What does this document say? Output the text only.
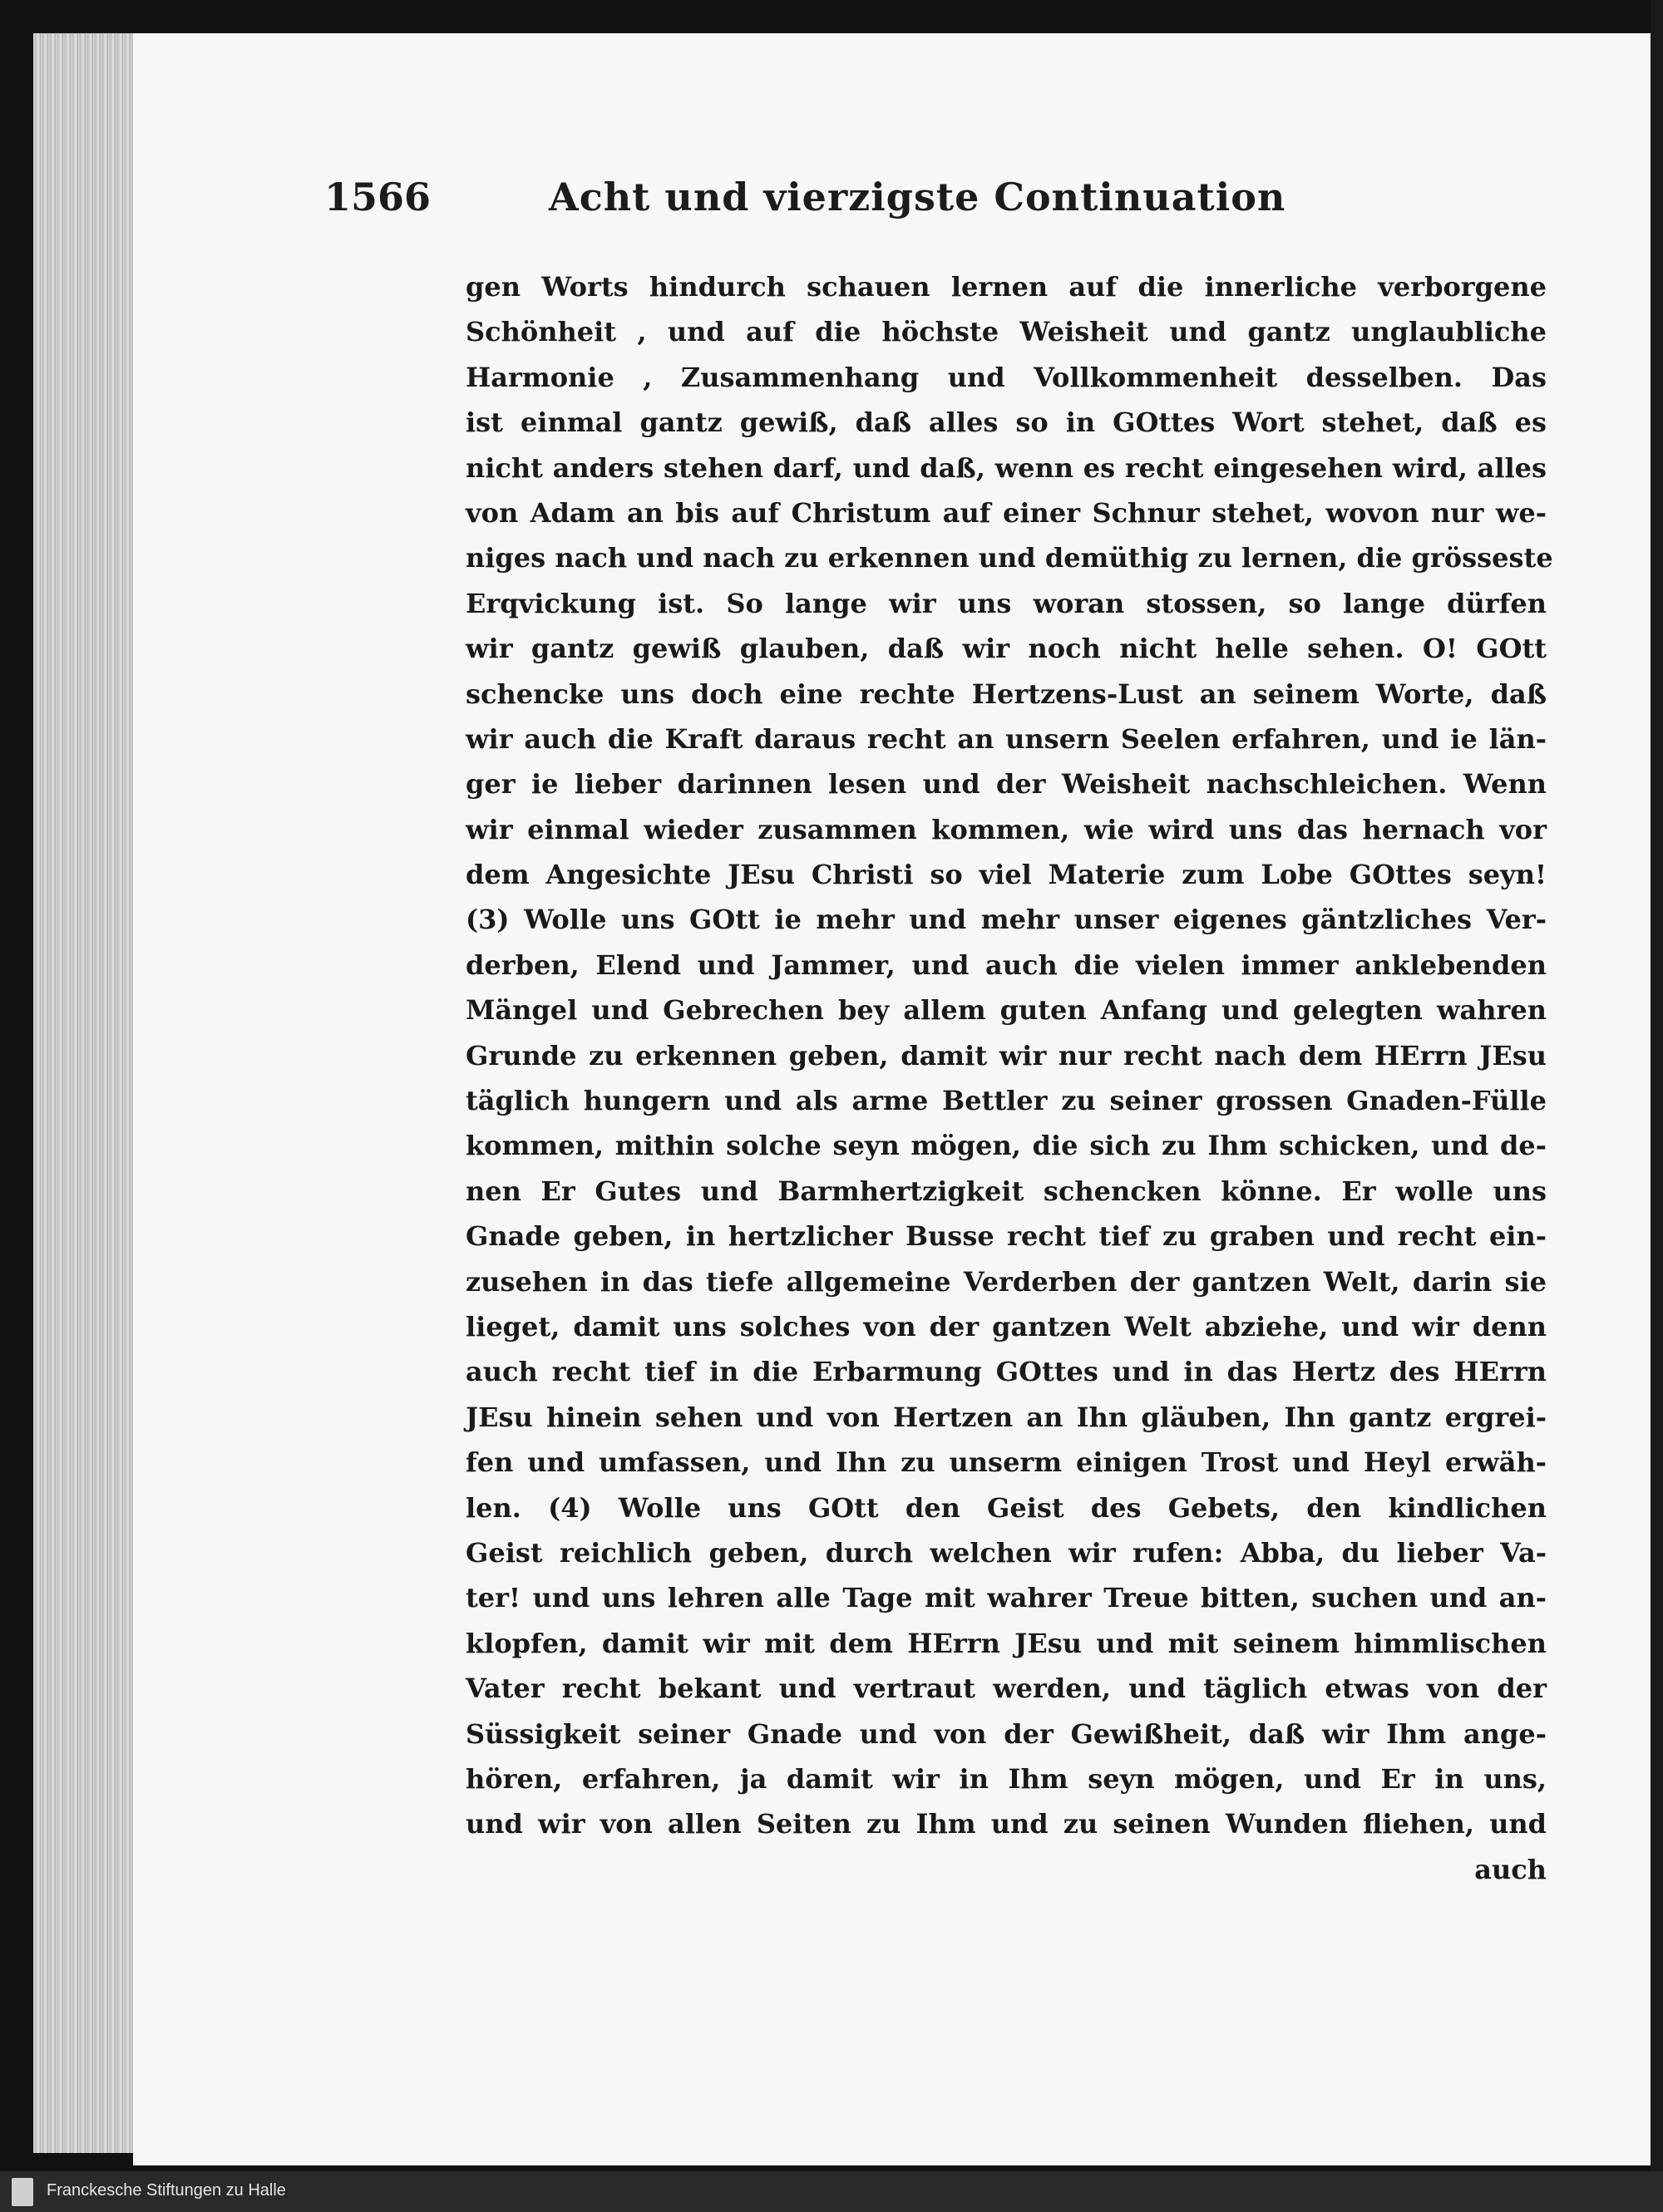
1566	Acht und vierzigste Continuation
gen Worts hindurch schauen lernen auf die innerliche verborgene
Schönheit , und auf die höchste Weisheit und gantz unglaubliche
Harmonie , Zusammenhang und Vollkommenheit desselben. Das
ist einmal gantz gewiß, daß alles so in GOttes Wort stehet, daß es
nicht anders stehen darf, und daß, wenn es recht eingesehen wird, alles
von Adam an bis auf Christum auf einer Schnur stehet, wovon nur we-
niges nach und nach zu erkennen und demüthig zu lernen, die grösseste
Erqvickung ist. So lange wir uns woran stossen, so lange dürfen
wir gantz gewiß glauben, daß wir noch nicht helle sehen. O! GOtt
schencke uns doch eine rechte Hertzens-Lust an seinem Worte, daß
wir auch die Kraft daraus recht an unsern Seelen erfahren, und ie län-
ger ie lieber darinnen lesen und der Weisheit nachschleichen. Wenn
wir einmal wieder zusammen kommen, wie wird uns das hernach vor
dem Angesichte JEsu Christi so viel Materie zum Lobe GOttes seyn!
(3) Wolle uns GOtt ie mehr und mehr unser eigenes gäntzliches Ver-
derben, Elend und Jammer, und auch die vielen immer anklebenden
Mängel und Gebrechen bey allem guten Anfang und gelegten wahren
Grunde zu erkennen geben, damit wir nur recht nach dem HErrn JEsu
täglich hungern und als arme Bettler zu seiner grossen Gnaden-Fülle
kommen, mithin solche seyn mögen, die sich zu Ihm schicken, und de-
nen Er Gutes und Barmhertzigkeit schencken könne. Er wolle uns
Gnade geben, in hertzlicher Busse recht tief zu graben und recht ein-
zusehen in das tiefe allgemeine Verderben der gantzen Welt, darin sie
lieget, damit uns solches von der gantzen Welt abziehe, und wir denn
auch recht tief in die Erbarmung GOttes und in das Hertz des HErrn
JEsu hinein sehen und von Hertzen an Ihn gläuben, Ihn gantz ergrei-
fen und umfassen, und Ihn zu unserm einigen Trost und Heyl erwäh-
len. (4) Wolle uns GOtt den Geist des Gebets, den kindlichen
Geist reichlich geben, durch welchen wir rufen: Abba, du lieber Va-
ter! und uns lehren alle Tage mit wahrer Treue bitten, suchen und an-
klopfen, damit wir mit dem HErrn JEsu und mit seinem himmlischen
Vater recht bekant und vertraut werden, und täglich etwas von der
Süssigkeit seiner Gnade und von der Gewißheit, daß wir Ihm ange-
hören, erfahren, ja damit wir in Ihm seyn mögen, und Er in uns,
und wir von allen Seiten zu Ihm und zu seinen Wunden fliehen, und
auch
Franckesche Stiftungen zu Halle
